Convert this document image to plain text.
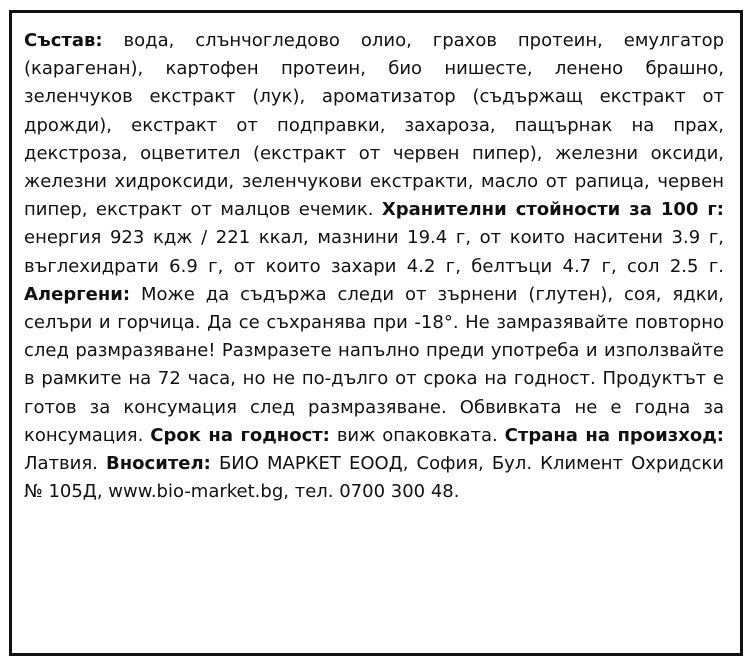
Състав: вода, слънчогледово олио, грахов протеин, емулгатор (карагенан), картофен протеин, био нишесте, ленено брашно, зеленчуков екстракт (лук), ароматизатор (съдържащ екстракт от дрожди), екстракт от подправки, захароза, пащърнак на прах, декстроза, оцветител (екстракт от червен пипер), железни оксиди, железни хидроксиди, зеленчукови екстракти, масло от рапица, червен пипер, екстракт от малцов ечемик. Хранителни стойности за 100 г: енергия 923 кдж / 221 ккал, мазнини 19.4 г, от които наситени 3.9 г, въглехидрати 6.9 г, от които захари 4.2 г, белтъци 4.7 г, сол 2.5 г. Алергени: Може да съдържа следи от зърнени (глутен), соя, ядки, селъри и горчица. Да се съхранява при -18°. Не замразявайте повторно след размразяване! Размразете напълно преди употреба и използвайте в рамките на 72 часа, но не по-дълго от срока на годност. Продуктът е готов за консумация след размразяване. Обвивката не е годна за консумация. Срок на годност: виж опаковката. Страна на произход: Латвия. Вносител: БИО МАРКЕТ ЕООД, София, Бул. Климент Охридски № 105Д, www.bio-market.bg, тел. 0700 300 48.
